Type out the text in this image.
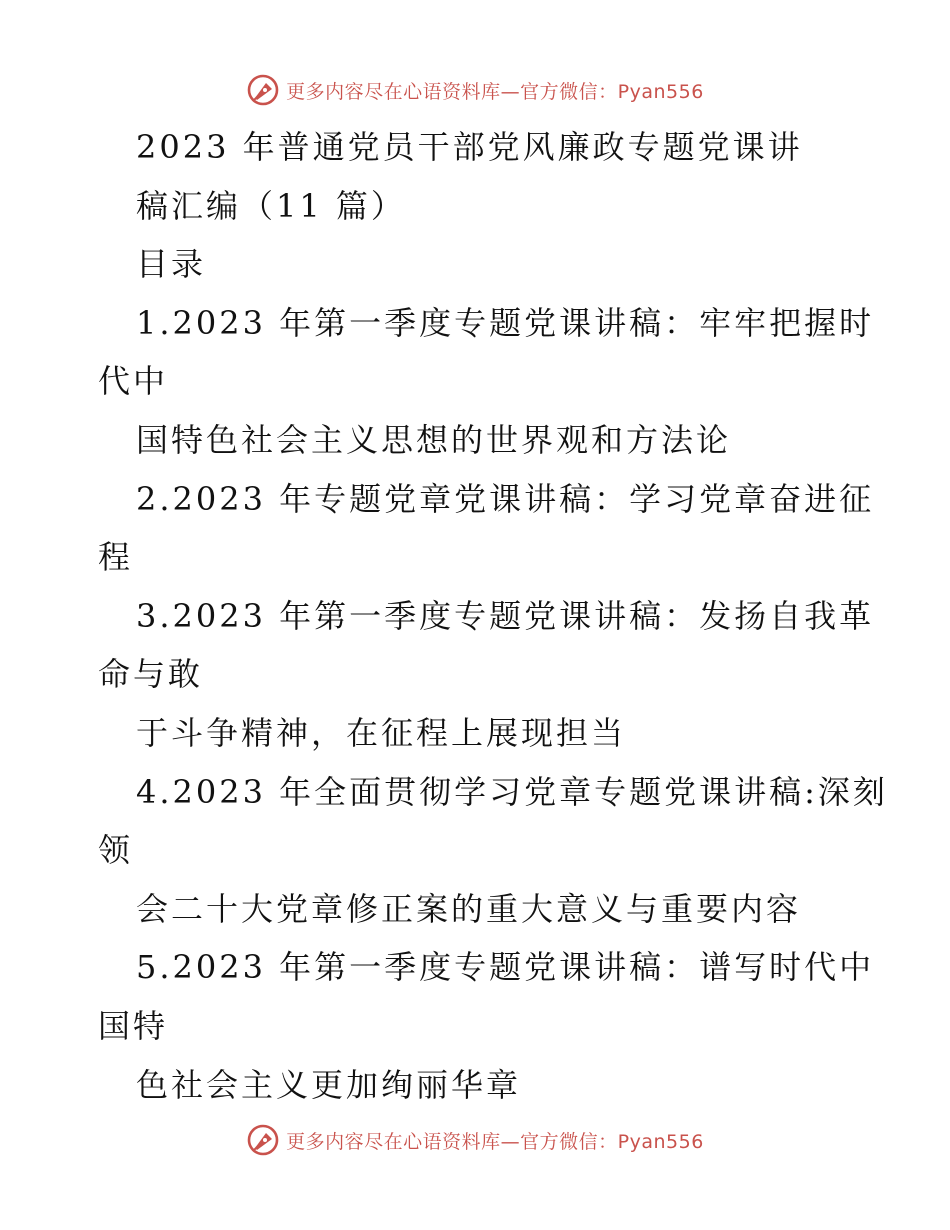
更多内容尽在心语资料库—官方微信：Pyan556
2023 年普通党员干部党风廉政专题党课讲
稿汇编（11 篇）
目录
1.2023 年第一季度专题党课讲稿：牢牢把握时
代中
国特色社会主义思想的世界观和方法论
2.2023 年专题党章党课讲稿：学习党章奋进征
程
3.2023 年第一季度专题党课讲稿：发扬自我革
命与敢
于斗争精神，在征程上展现担当
4.2023 年全面贯彻学习党章专题党课讲稿:深刻
领
会二十大党章修正案的重大意义与重要内容
5.2023 年第一季度专题党课讲稿：谱写时代中
国特
色社会主义更加绚丽华章
更多内容尽在心语资料库—官方微信：Pyan556
